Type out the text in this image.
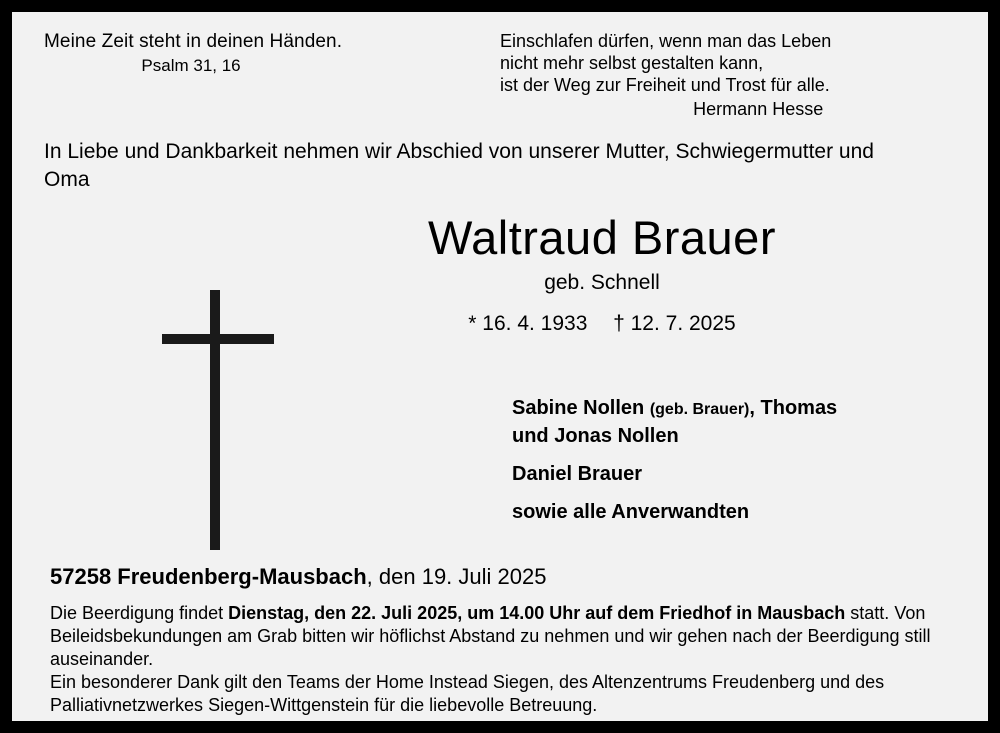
Meine Zeit steht in deinen Händen.
Psalm 31, 16
Einschlafen dürfen, wenn man das Leben
nicht mehr selbst gestalten kann,
ist der Weg zur Freiheit und Trost für alle.
Hermann Hesse
In Liebe und Dankbarkeit nehmen wir Abschied von unserer Mutter, Schwiegermutter und Oma
Waltraud Brauer
geb. Schnell
* 16. 4. 1933 † 12. 7. 2025
Sabine Nollen (geb. Brauer), Thomas
und Jonas Nollen
Daniel Brauer
sowie alle Anverwandten
57258 Freudenberg-Mausbach, den 19. Juli 2025
Die Beerdigung findet Dienstag, den 22. Juli 2025, um 14.00 Uhr auf dem Friedhof in Mausbach statt. Von Beileidsbekundungen am Grab bitten wir höflichst Abstand zu nehmen und wir gehen nach der Beerdigung still auseinander.
Ein besonderer Dank gilt den Teams der Home Instead Siegen, des Altenzentrums Freudenberg und des Palliativnetzwerkes Siegen-Wittgenstein für die liebevolle Betreuung.
